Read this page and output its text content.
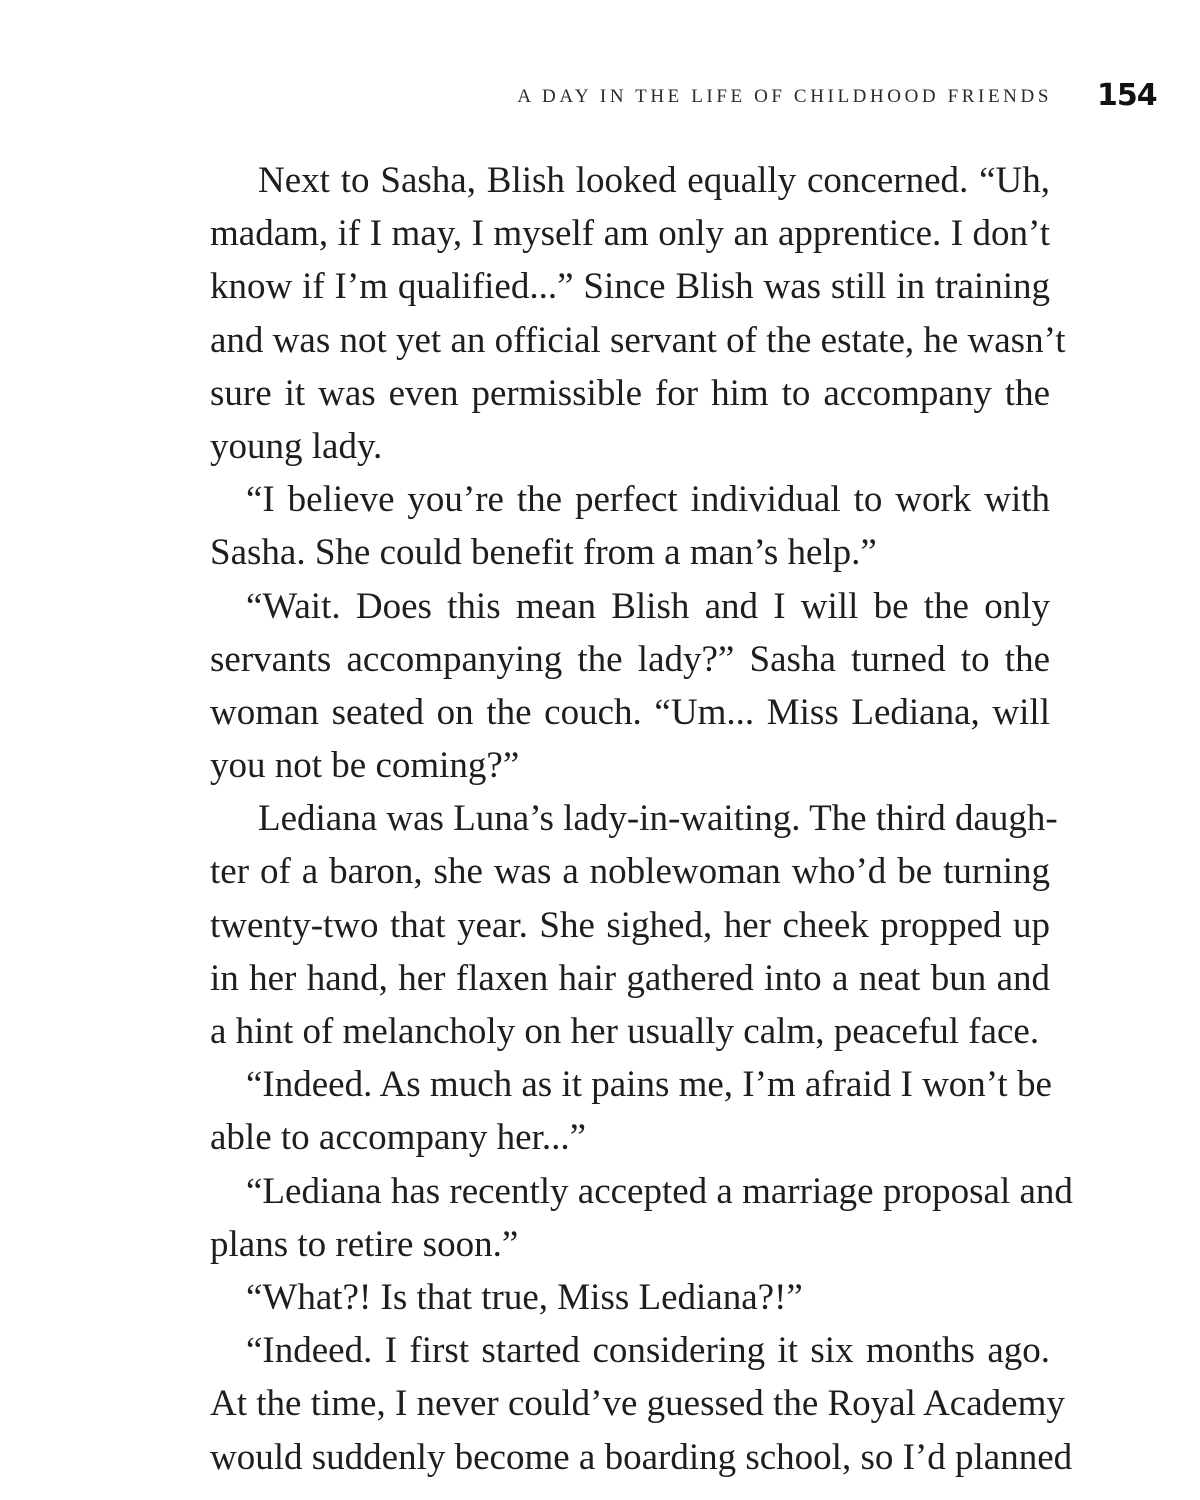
A DAY IN THE LIFE OF CHILDHOOD FRIENDS 154
Next to Sasha, Blish looked equally concerned. “Uh,
madam, if I may, I myself am only an apprentice. I don’t
know if I’m qualified...” Since Blish was still in training
and was not yet an official servant of the estate, he wasn’t
sure it was even permissible for him to accompany the
young lady.
“I believe you’re the perfect individual to work with
Sasha. She could benefit from a man’s help.”
“Wait. Does this mean Blish and I will be the only
servants accompanying the lady?” Sasha turned to the
woman seated on the couch. “Um... Miss Lediana, will
you not be coming?”
Lediana was Luna’s lady-in-waiting. The third daugh-
ter of a baron, she was a noblewoman who’d be turning
twenty-two that year. She sighed, her cheek propped up
in her hand, her flaxen hair gathered into a neat bun and
a hint of melancholy on her usually calm, peaceful face.
“Indeed. As much as it pains me, I’m afraid I won’t be
able to accompany her...”
“Lediana has recently accepted a marriage proposal and
plans to retire soon.”
“What?! Is that true, Miss Lediana?!”
“Indeed. I first started considering it six months ago.
At the time, I never could’ve guessed the Royal Academy
would suddenly become a boarding school, so I’d planned
